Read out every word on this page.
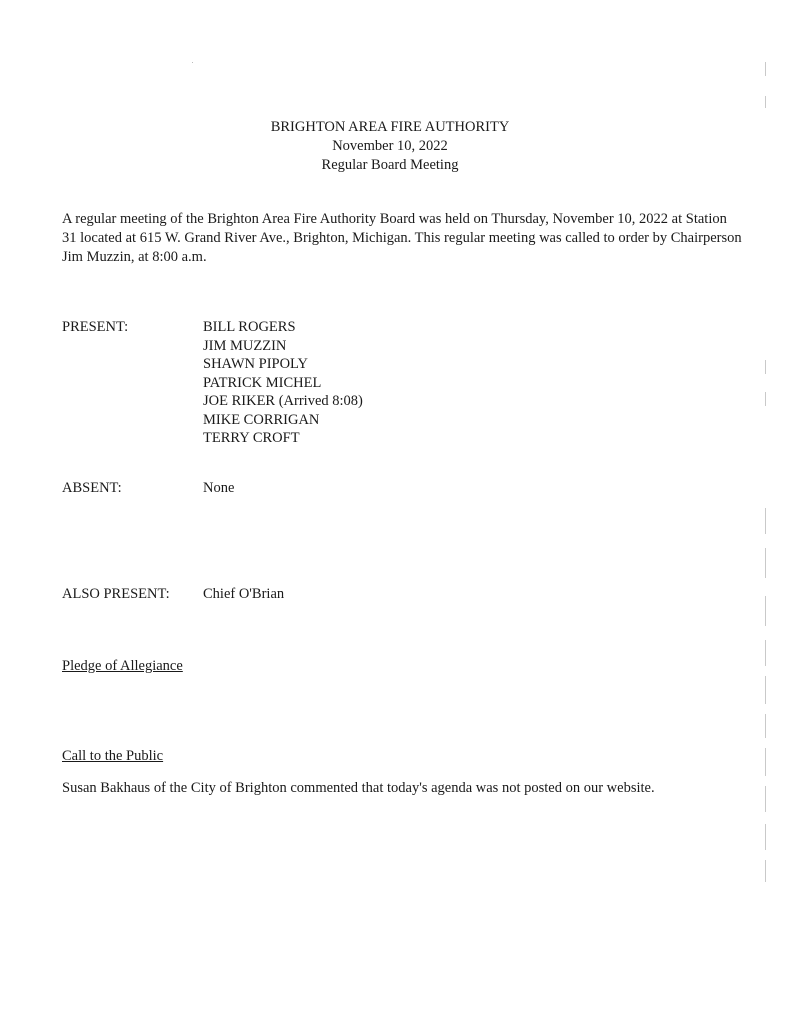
BRIGHTON AREA FIRE AUTHORITY
November 10, 2022
Regular Board Meeting
A regular meeting of the Brighton Area Fire Authority Board was held on Thursday, November 10, 2022 at Station 31 located at 615 W. Grand River Ave., Brighton, Michigan. This regular meeting was called to order by Chairperson Jim Muzzin, at 8:00 a.m.
PRESENT:	BILL ROGERS
JIM MUZZIN
SHAWN PIPOLY
PATRICK MICHEL
JOE RIKER (Arrived 8:08)
MIKE CORRIGAN
TERRY CROFT
ABSENT:	None
ALSO PRESENT: Chief O'Brian
Pledge of Allegiance
Call to the Public
Susan Bakhaus of the City of Brighton commented that today's agenda was not posted on our website.
